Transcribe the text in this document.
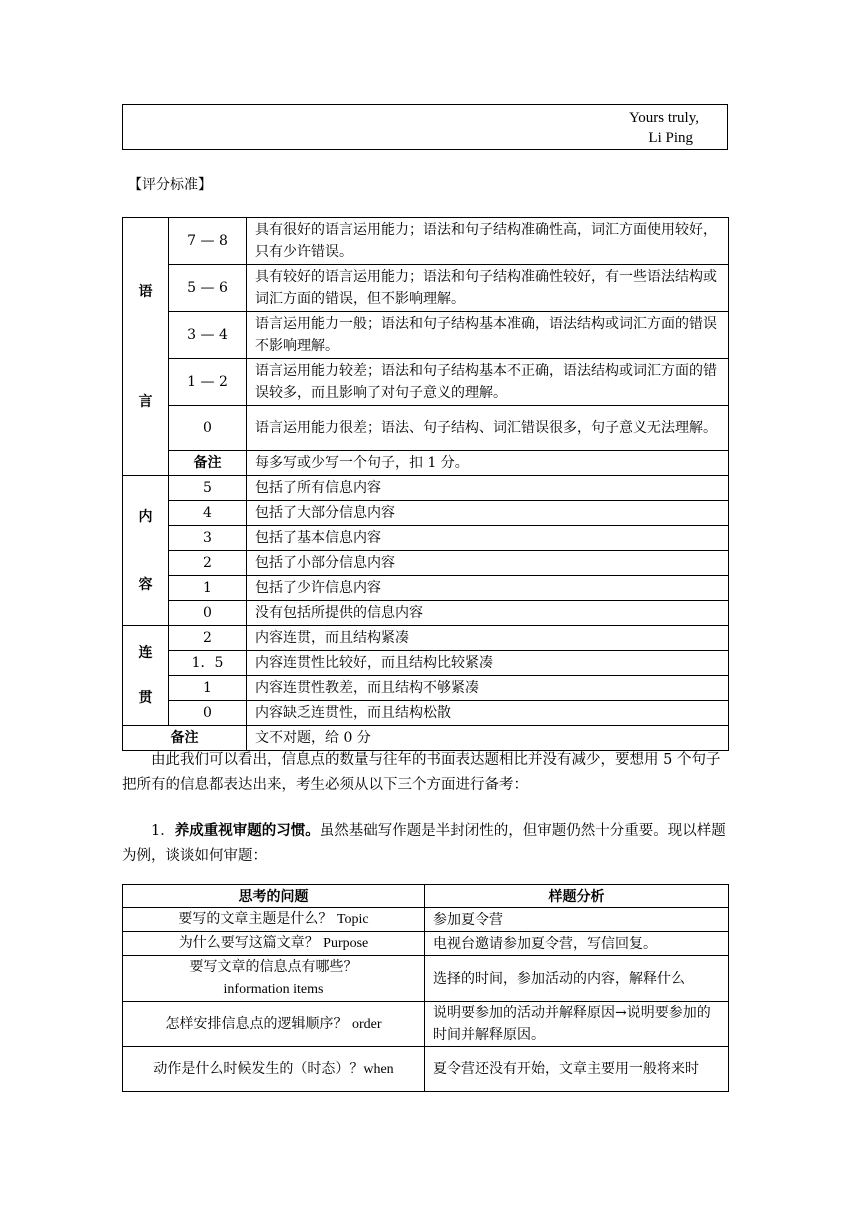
Yours truly,
Li Ping
【评分标准】
语
言	7 — 8	具有很好的语言运用能力；语法和句子结构准确性高，词汇方面使用较好，只有少许错误。
	5 — 6	具有较好的语言运用能力；语法和句子结构准确性较好，有一些语法结构或词汇方面的错误，但不影响理解。
	3 — 4	语言运用能力一般；语法和句子结构基本准确，语法结构或词汇方面的错误不影响理解。
	1 — 2	语言运用能力较差；语法和句子结构基本不正确，语法结构或词汇方面的错误较多，而且影响了对句子意义的理解。
	0	语言运用能力很差；语法、句子结构、词汇错误很多，句子意义无法理解。
	备注	每多写或少写一个句子，扣 1 分。

内
容	5	包括了所有信息内容
	4	包括了大部分信息内容
	3	包括了基本信息内容
	2	包括了小部分信息内容
	1	包括了少许信息内容
	0	没有包括所提供的信息内容

连
贯	2	内容连贯，而且结构紧凑
	1．5	内容连贯性比较好，而且结构比较紧凑
	1	内容连贯性教差，而且结构不够紧凑
	0	内容缺乏连贯性，而且结构松散
备注		文不对题，给 0 分

由此我们可以看出，信息点的数量与往年的书面表达题相比并没有减少，要想用 5 个句子把所有的信息都表达出来，考生必须从以下三个方面进行备考：

1．养成重视审题的习惯。虽然基础写作题是半封闭性的，但审题仍然十分重要。现以样题为例，谈谈如何审题：

思考的问题	样题分析
要写的文章主题是什么？ Topic	参加夏令营
为什么要写这篇文章？ Purpose	电视台邀请参加夏令营，写信回复。
要写文章的信息点有哪些？
information items	选择的时间，参加活动的内容，解释什么
怎样安排信息点的逻辑顺序？ order	说明要参加的活动并解释原因→说明要参加的时间并解释原因。
动作是什么时候发生的（时态）？when	夏令营还没有开始，文章主要用一般将来时
